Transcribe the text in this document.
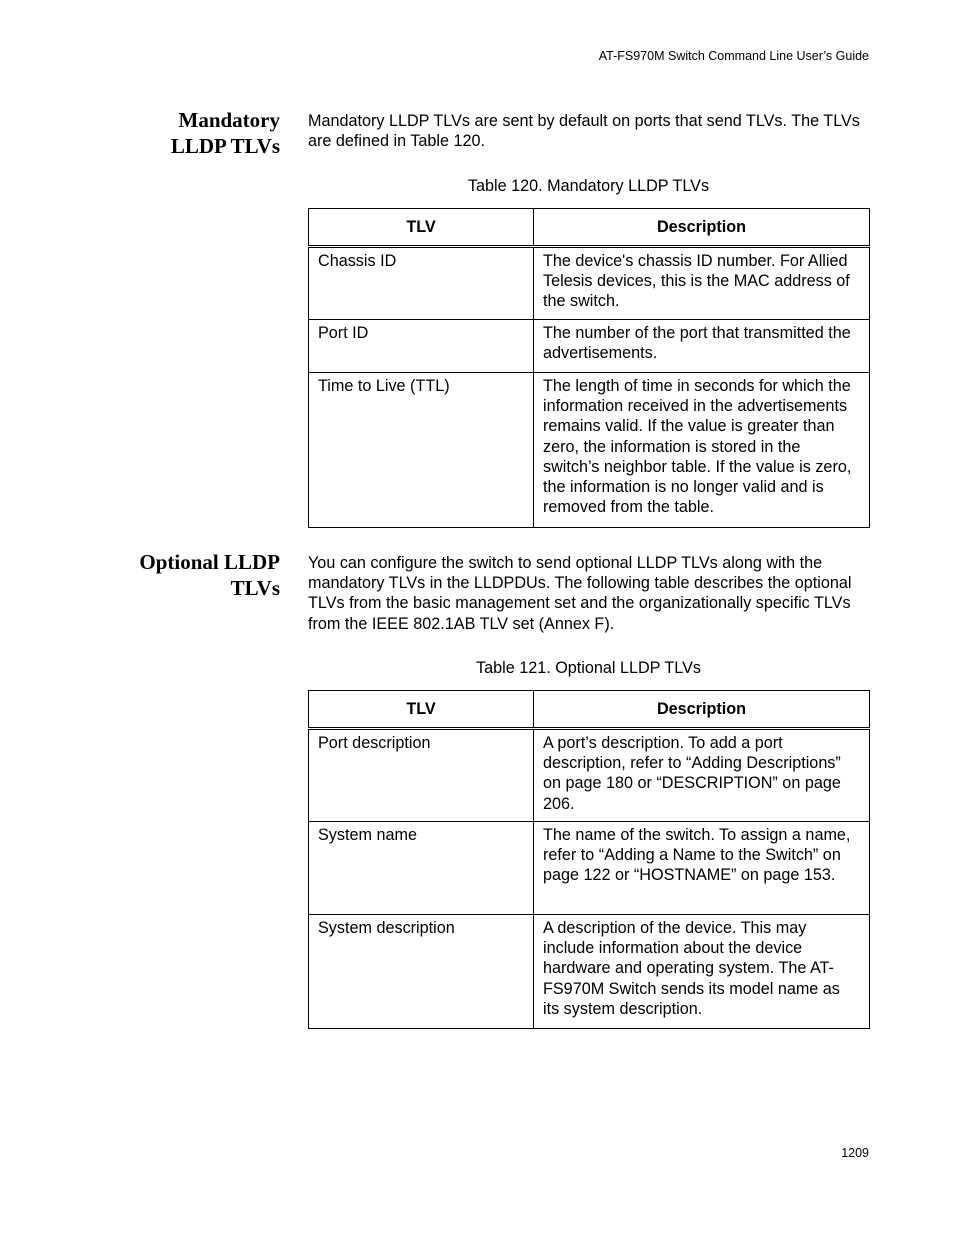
AT-FS970M Switch Command Line User’s Guide
Mandatory
LLDP TLVs
Mandatory LLDP TLVs are sent by default on ports that send TLVs. The TLVs are defined in Table 120.
Table 120. Mandatory LLDP TLVs
TLV	Description
Chassis ID	The device's chassis ID number. For Allied Telesis devices, this is the MAC address of the switch.
Port ID	The number of the port that transmitted the advertisements.
Time to Live (TTL)	The length of time in seconds for which the information received in the advertisements remains valid. If the value is greater than zero, the information is stored in the switch’s neighbor table. If the value is zero, the information is no longer valid and is removed from the table.
Optional LLDP
TLVs
You can configure the switch to send optional LLDP TLVs along with the mandatory TLVs in the LLDPDUs. The following table describes the optional TLVs from the basic management set and the organizationally specific TLVs from the IEEE 802.1AB TLV set (Annex F).
Table 121. Optional LLDP TLVs
TLV	Description
Port description	A port’s description. To add a port description, refer to “Adding Descriptions” on page 180 or “DESCRIPTION” on page 206.
System name	The name of the switch. To assign a name, refer to “Adding a Name to the Switch” on page 122 or “HOSTNAME” on page 153.
System description	A description of the device. This may include information about the device hardware and operating system. The AT-FS970M Switch sends its model name as its system description.
1209
